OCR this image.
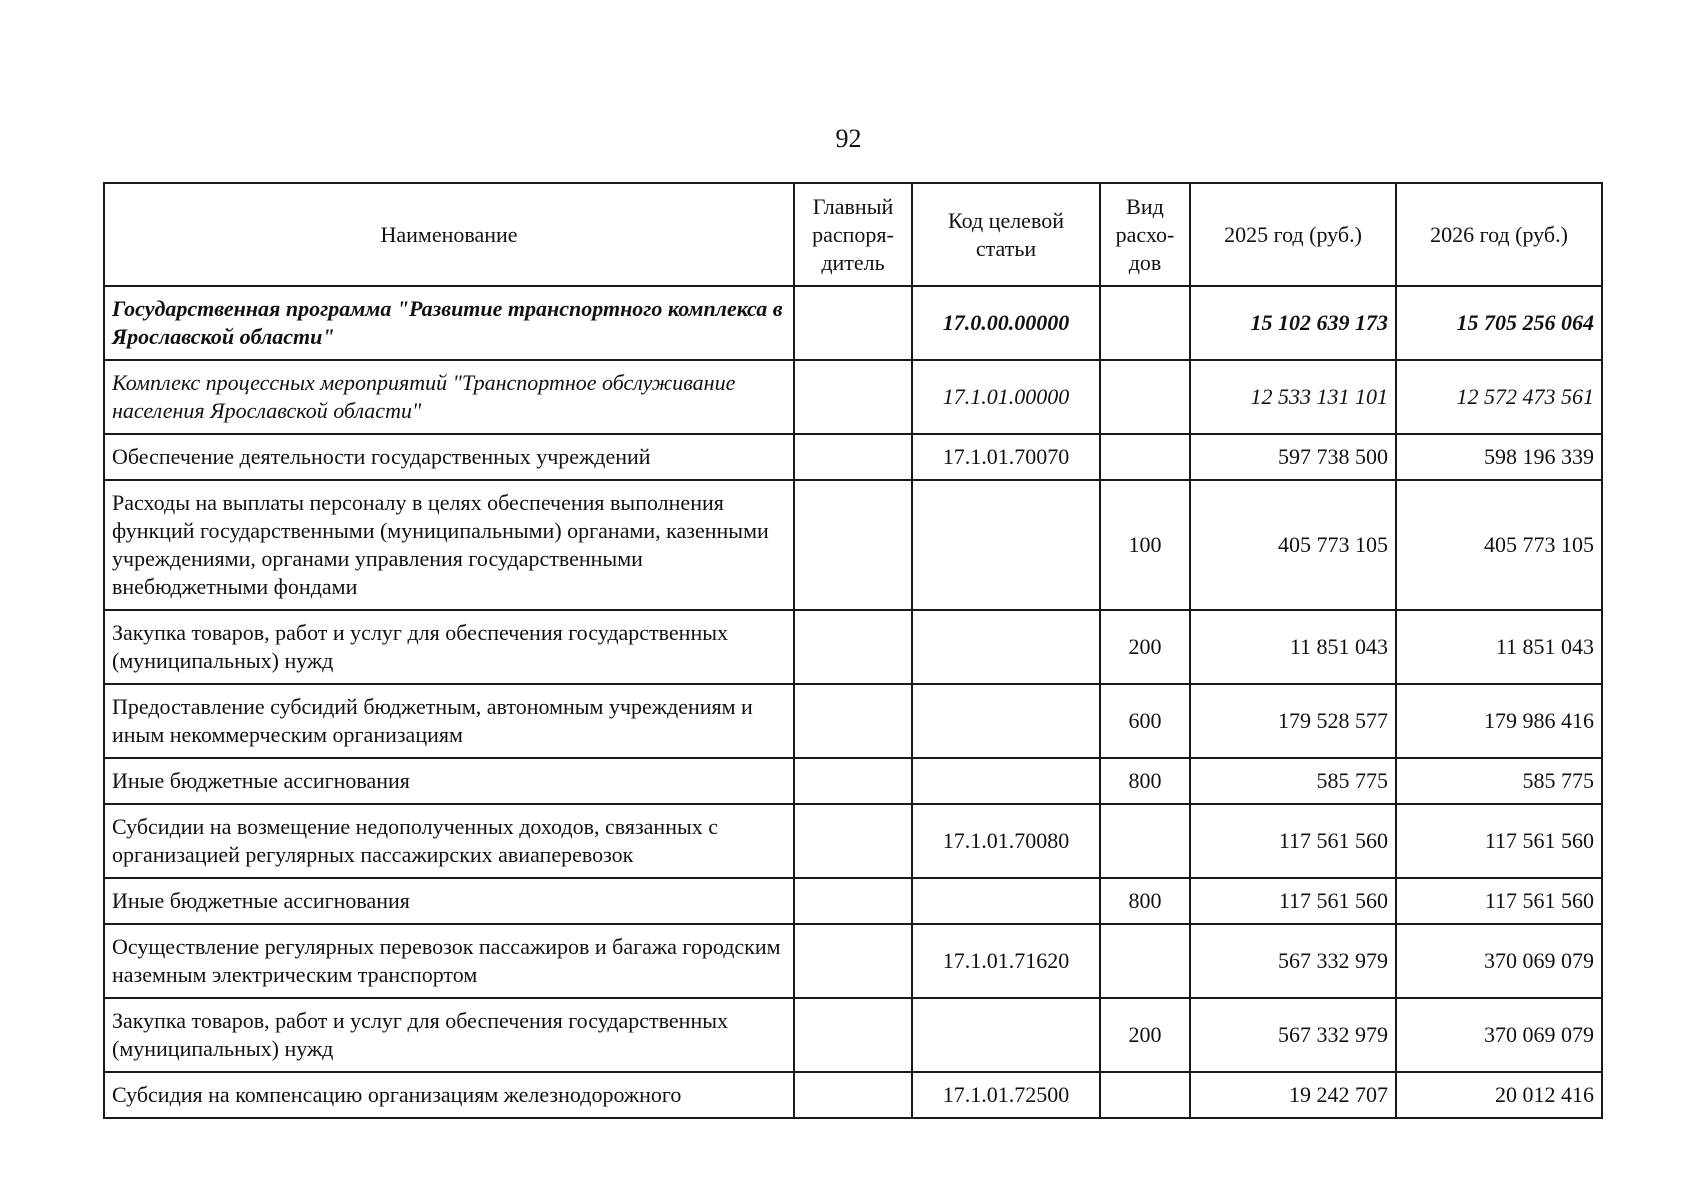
92
Наименование	Главный распоря-дитель	Код целевой статьи	Вид расхо-дов	2025 год (руб.)	2026 год (руб.)
Государственная программа "Развитие транспортного комплекса в Ярославской области"		17.0.00.00000		15 102 639 173	15 705 256 064
Комплекс процессных мероприятий "Транспортное обслуживание населения Ярославской области"		17.1.01.00000		12 533 131 101	12 572 473 561
Обеспечение деятельности государственных учреждений		17.1.01.70070		597 738 500	598 196 339
Расходы на выплаты персоналу в целях обеспечения выполнения функций государственными (муниципальными) органами, казенными учреждениями, органами управления государственными внебюджетными фондами			100	405 773 105	405 773 105
Закупка товаров, работ и услуг для обеспечения государственных (муниципальных) нужд			200	11 851 043	11 851 043
Предоставление субсидий бюджетным, автономным учреждениям и иным некоммерческим организациям			600	179 528 577	179 986 416
Иные бюджетные ассигнования			800	585 775	585 775
Субсидии на возмещение недополученных доходов, связанных с организацией регулярных пассажирских авиаперевозок		17.1.01.70080		117 561 560	117 561 560
Иные бюджетные ассигнования			800	117 561 560	117 561 560
Осуществление регулярных перевозок пассажиров и багажа городским наземным электрическим транспортом		17.1.01.71620		567 332 979	370 069 079
Закупка товаров, работ и услуг для обеспечения государственных (муниципальных) нужд			200	567 332 979	370 069 079
Субсидия на компенсацию организациям железнодорожного		17.1.01.72500		19 242 707	20 012 416
